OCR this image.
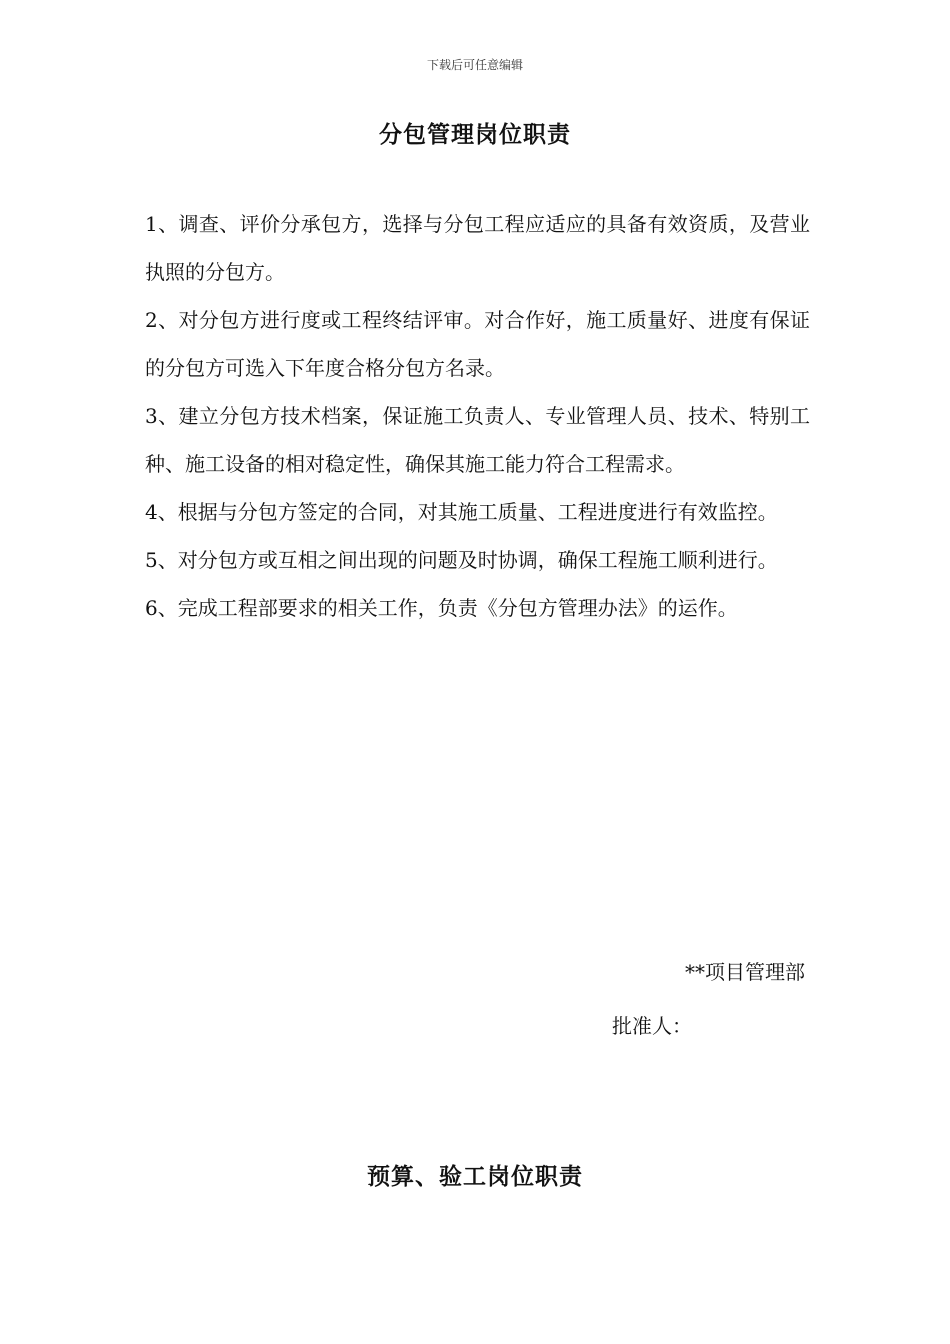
下载后可任意编辑
分包管理岗位职责
1、调查、评价分承包方，选择与分包工程应适应的具备有效资质，及营业执照的分包方。
2、对分包方进行度或工程终结评审。对合作好，施工质量好、进度有保证的分包方可选入下年度合格分包方名录。
3、建立分包方技术档案，保证施工负责人、专业管理人员、技术、特别工种、施工设备的相对稳定性，确保其施工能力符合工程需求。
4、根据与分包方签定的合同，对其施工质量、工程进度进行有效监控。
5、对分包方或互相之间出现的问题及时协调，确保工程施工顺利进行。
6、完成工程部要求的相关工作，负责《分包方管理办法》的运作。
**项目管理部
批准人：
预算、验工岗位职责
